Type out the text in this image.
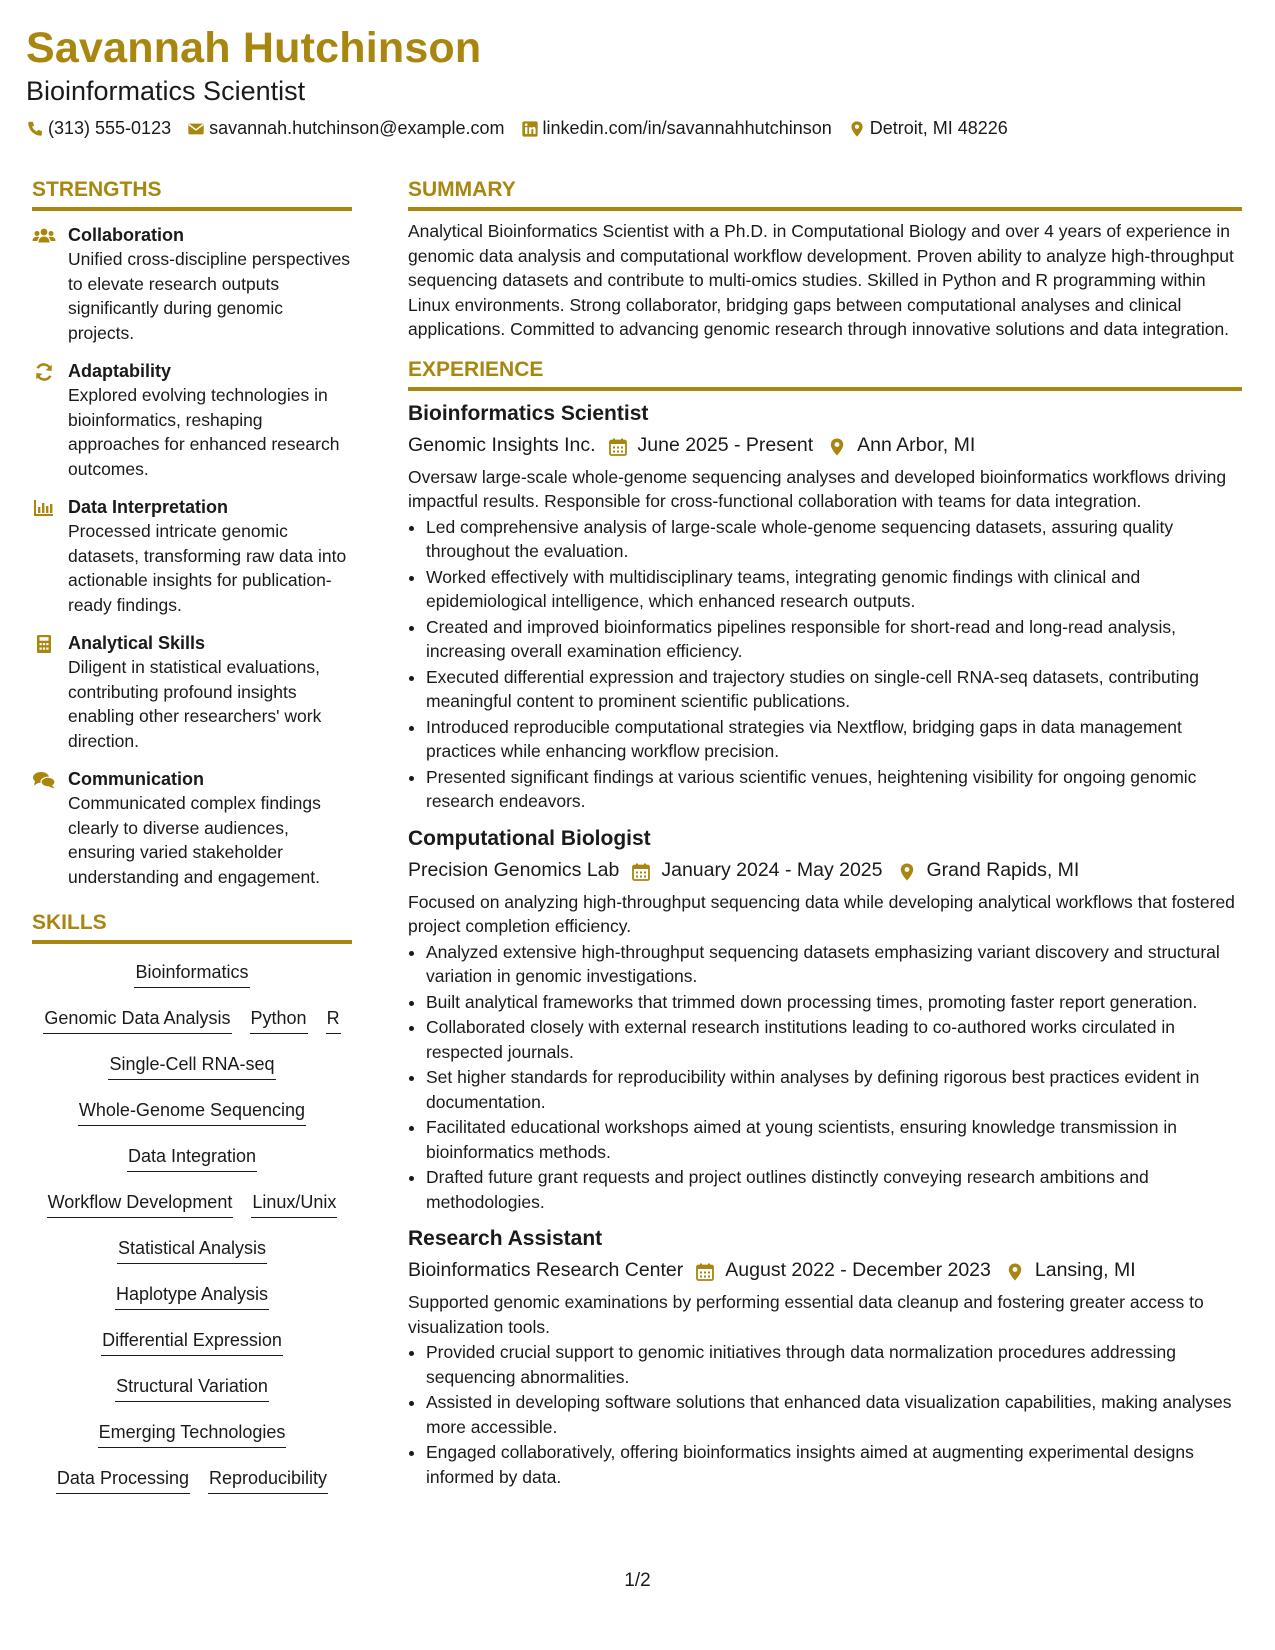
Savannah Hutchinson
Bioinformatics Scientist
(313) 555-0123 savannah.hutchinson@example.com linkedin.com/in/savannahhutchinson Detroit, MI 48226
STRENGTHS
Collaboration
Unified cross-discipline perspectives to elevate research outputs significantly during genomic projects.
Adaptability
Explored evolving technologies in bioinformatics, reshaping approaches for enhanced research outcomes.
Data Interpretation
Processed intricate genomic datasets, transforming raw data into actionable insights for publication-ready findings.
Analytical Skills
Diligent in statistical evaluations, contributing profound insights enabling other researchers' work direction.
Communication
Communicated complex findings clearly to diverse audiences, ensuring varied stakeholder understanding and engagement.
SKILLS
Bioinformatics
Genomic Data Analysis Python R
Single-Cell RNA-seq
Whole-Genome Sequencing
Data Integration
Workflow Development Linux/Unix
Statistical Analysis
Haplotype Analysis
Differential Expression
Structural Variation
Emerging Technologies
Data Processing Reproducibility
SUMMARY
Analytical Bioinformatics Scientist with a Ph.D. in Computational Biology and over 4 years of experience in genomic data analysis and computational workflow development. Proven ability to analyze high-throughput sequencing datasets and contribute to multi-omics studies. Skilled in Python and R programming within Linux environments. Strong collaborator, bridging gaps between computational analyses and clinical applications. Committed to advancing genomic research through innovative solutions and data integration.
EXPERIENCE
Bioinformatics Scientist
Genomic Insights Inc. June 2025 - Present Ann Arbor, MI
Oversaw large-scale whole-genome sequencing analyses and developed bioinformatics workflows driving impactful results. Responsible for cross-functional collaboration with teams for data integration.
• Led comprehensive analysis of large-scale whole-genome sequencing datasets, assuring quality throughout the evaluation.
• Worked effectively with multidisciplinary teams, integrating genomic findings with clinical and epidemiological intelligence, which enhanced research outputs.
• Created and improved bioinformatics pipelines responsible for short-read and long-read analysis, increasing overall examination efficiency.
• Executed differential expression and trajectory studies on single-cell RNA-seq datasets, contributing meaningful content to prominent scientific publications.
• Introduced reproducible computational strategies via Nextflow, bridging gaps in data management practices while enhancing workflow precision.
• Presented significant findings at various scientific venues, heightening visibility for ongoing genomic research endeavors.
Computational Biologist
Precision Genomics Lab January 2024 - May 2025 Grand Rapids, MI
Focused on analyzing high-throughput sequencing data while developing analytical workflows that fostered project completion efficiency.
• Analyzed extensive high-throughput sequencing datasets emphasizing variant discovery and structural variation in genomic investigations.
• Built analytical frameworks that trimmed down processing times, promoting faster report generation.
• Collaborated closely with external research institutions leading to co-authored works circulated in respected journals.
• Set higher standards for reproducibility within analyses by defining rigorous best practices evident in documentation.
• Facilitated educational workshops aimed at young scientists, ensuring knowledge transmission in bioinformatics methods.
• Drafted future grant requests and project outlines distinctly conveying research ambitions and methodologies.
Research Assistant
Bioinformatics Research Center August 2022 - December 2023 Lansing, MI
Supported genomic examinations by performing essential data cleanup and fostering greater access to visualization tools.
• Provided crucial support to genomic initiatives through data normalization procedures addressing sequencing abnormalities.
• Assisted in developing software solutions that enhanced data visualization capabilities, making analyses more accessible.
• Engaged collaboratively, offering bioinformatics insights aimed at augmenting experimental designs informed by data.
1/2
